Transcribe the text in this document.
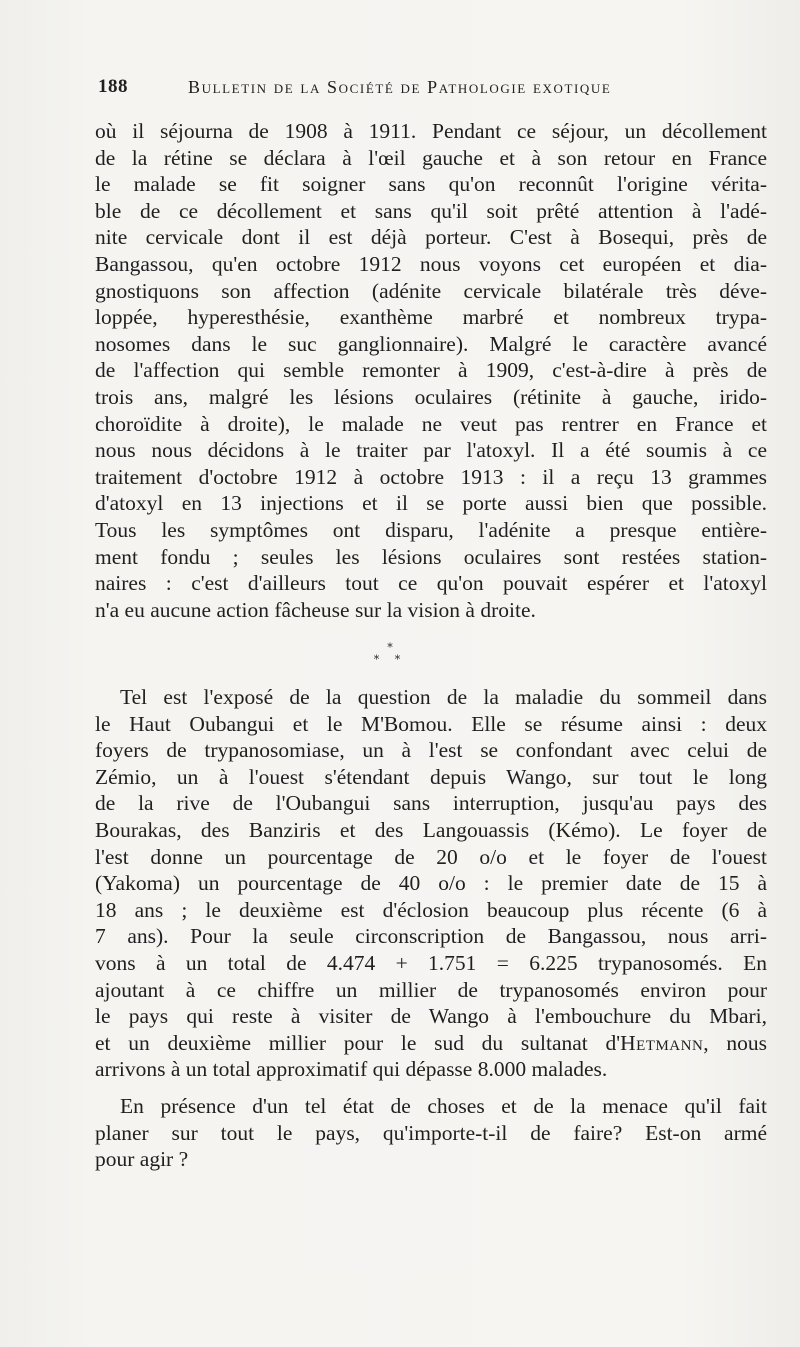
188	Bulletin de la Société de Pathologie exotique
où il séjourna de 1908 à 1911. Pendant ce séjour, un décollement
de la rétine se déclara à l'œil gauche et à son retour en France
le malade se fit soigner sans qu'on reconnût l'origine vérita-
ble de ce décollement et sans qu'il soit prêté attention à l'adé-
nite cervicale dont il est déjà porteur. C'est à Bosequi, près de
Bangassou, qu'en octobre 1912 nous voyons cet européen et dia-
gnostiquons son affection (adénite cervicale bilatérale très déve-
loppée, hyperesthésie, exanthème marbré et nombreux trypa-
nosomes dans le suc ganglionnaire). Malgré le caractère avancé
de l'affection qui semble remonter à 1909, c'est-à-dire à près de
trois ans, malgré les lésions oculaires (rétinite à gauche, irido-
choroïdite à droite), le malade ne veut pas rentrer en France et
nous nous décidons à le traiter par l'atoxyl. Il a été soumis à ce
traitement d'octobre 1912 à octobre 1913 : il a reçu 13 grammes
d'atoxyl en 13 injections et il se porte aussi bien que possible.
Tous les symptômes ont disparu, l'adénite a presque entière-
ment fondu ; seules les lésions oculaires sont restées station-
naires : c'est d'ailleurs tout ce qu'on pouvait espérer et l'atoxyl
n'a eu aucune action fâcheuse sur la vision à droite.
*
* *
Tel est l'exposé de la question de la maladie du sommeil dans
le Haut Oubangui et le M'Bomou. Elle se résume ainsi : deux
foyers de trypanosomiase, un à l'est se confondant avec celui de
Zémio, un à l'ouest s'étendant depuis Wango, sur tout le long
de la rive de l'Oubangui sans interruption, jusqu'au pays des
Bourakas, des Banziris et des Langouassis (Kémo). Le foyer de
l'est donne un pourcentage de 20 o/o et le foyer de l'ouest
(Yakoma) un pourcentage de 40 o/o : le premier date de 15 à
18 ans ; le deuxième est d'éclosion beaucoup plus récente (6 à
7 ans). Pour la seule circonscription de Bangassou, nous arri-
vons à un total de 4.474 + 1.751 = 6.225 trypanosomés. En
ajoutant à ce chiffre un millier de trypanosomés environ pour
le pays qui reste à visiter de Wango à l'embouchure du Mbari,
et un deuxième millier pour le sud du sultanat d'Hetmann, nous
arrivons à un total approximatif qui dépasse 8.000 malades.
En présence d'un tel état de choses et de la menace qu'il fait
planer sur tout le pays, qu'importe-t-il de faire? Est-on armé
pour agir ?
